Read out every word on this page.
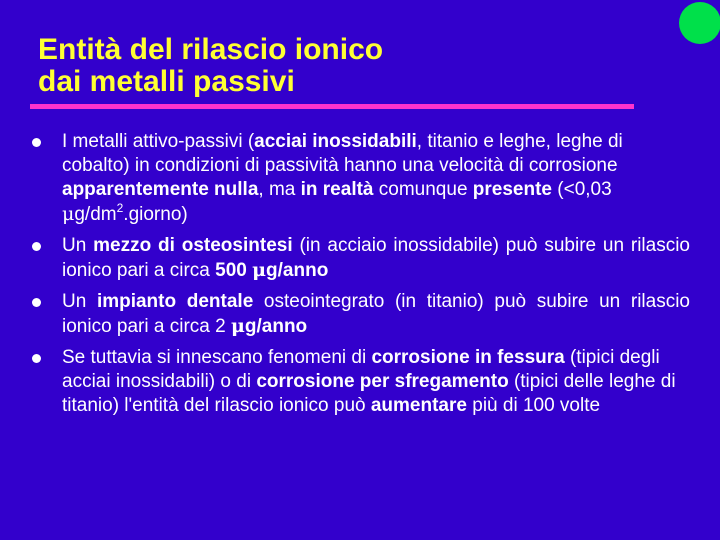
Entità del rilascio ionico
dai metalli passivi
I metalli attivo-passivi (acciai inossidabili, titanio e leghe, leghe di cobalto) in condizioni di passività hanno una velocità di corrosione apparentemente nulla, ma in realtà comunque presente (<0,03 $\mu g/dm^2.giorno$)
Un mezzo di osteosintesi (in acciaio inossidabile) può subire un rilascio ionico pari a circa 500 μg/anno
Un impianto dentale osteointegrato (in titanio) può subire un rilascio ionico pari a circa 2 μg/anno
Se tuttavia si innescano fenomeni di corrosione in fessura (tipici degli acciai inossidabili) o di corrosione per sfregamento (tipici delle leghe di titanio) l'entità del rilascio ionico può aumentare più di 100 volte
